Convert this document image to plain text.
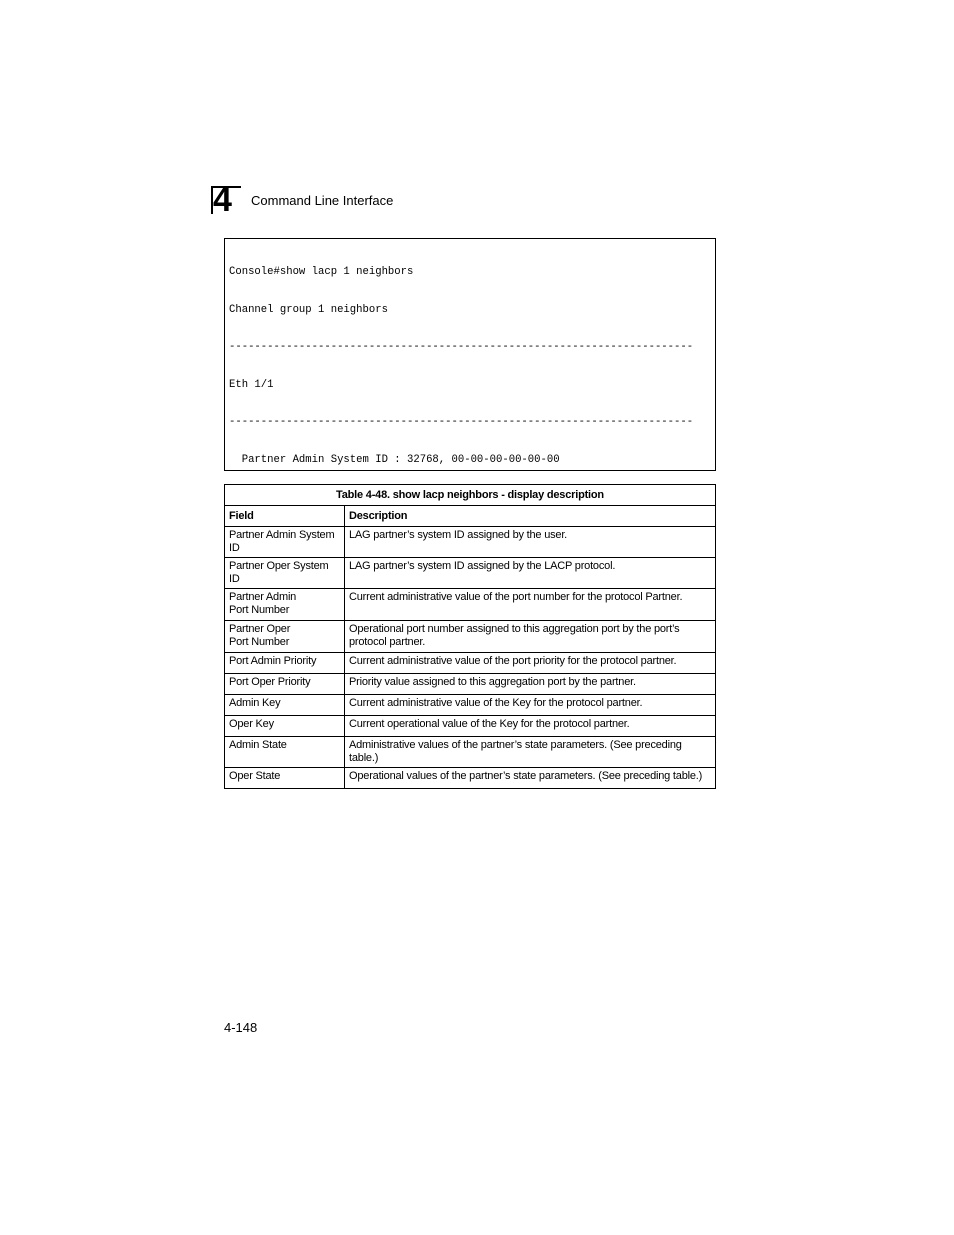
4 Command Line Interface

Console#show lacp 1 neighbors

Channel group 1 neighbors

-------------------------------------------------------------------------

Eth 1/1

-------------------------------------------------------------------------

Partner Admin System ID : 32768, 00-00-00-00-00-00

Table 4-48. show lacp neighbors - display description	
Field	Description
Partner Admin System ID	LAG partner’s system ID assigned by the user.
Partner Oper System ID	LAG partner’s system ID assigned by the LACP protocol.
Partner Admin
Port Number	Current administrative value of the port number for the protocol Partner.
Partner Oper
Port Number	Operational port number assigned to this aggregation port by the port’s protocol partner.
Port Admin Priority	Current administrative value of the port priority for the protocol partner.
Port Oper Priority	Priority value assigned to this aggregation port by the partner.
Admin Key	Current administrative value of the Key for the protocol partner.
Oper Key	Current operational value of the Key for the protocol partner.
Admin State	Administrative values of the partner’s state parameters. (See preceding table.)
Oper State	Operational values of the partner’s state parameters. (See preceding table.)
4-148
